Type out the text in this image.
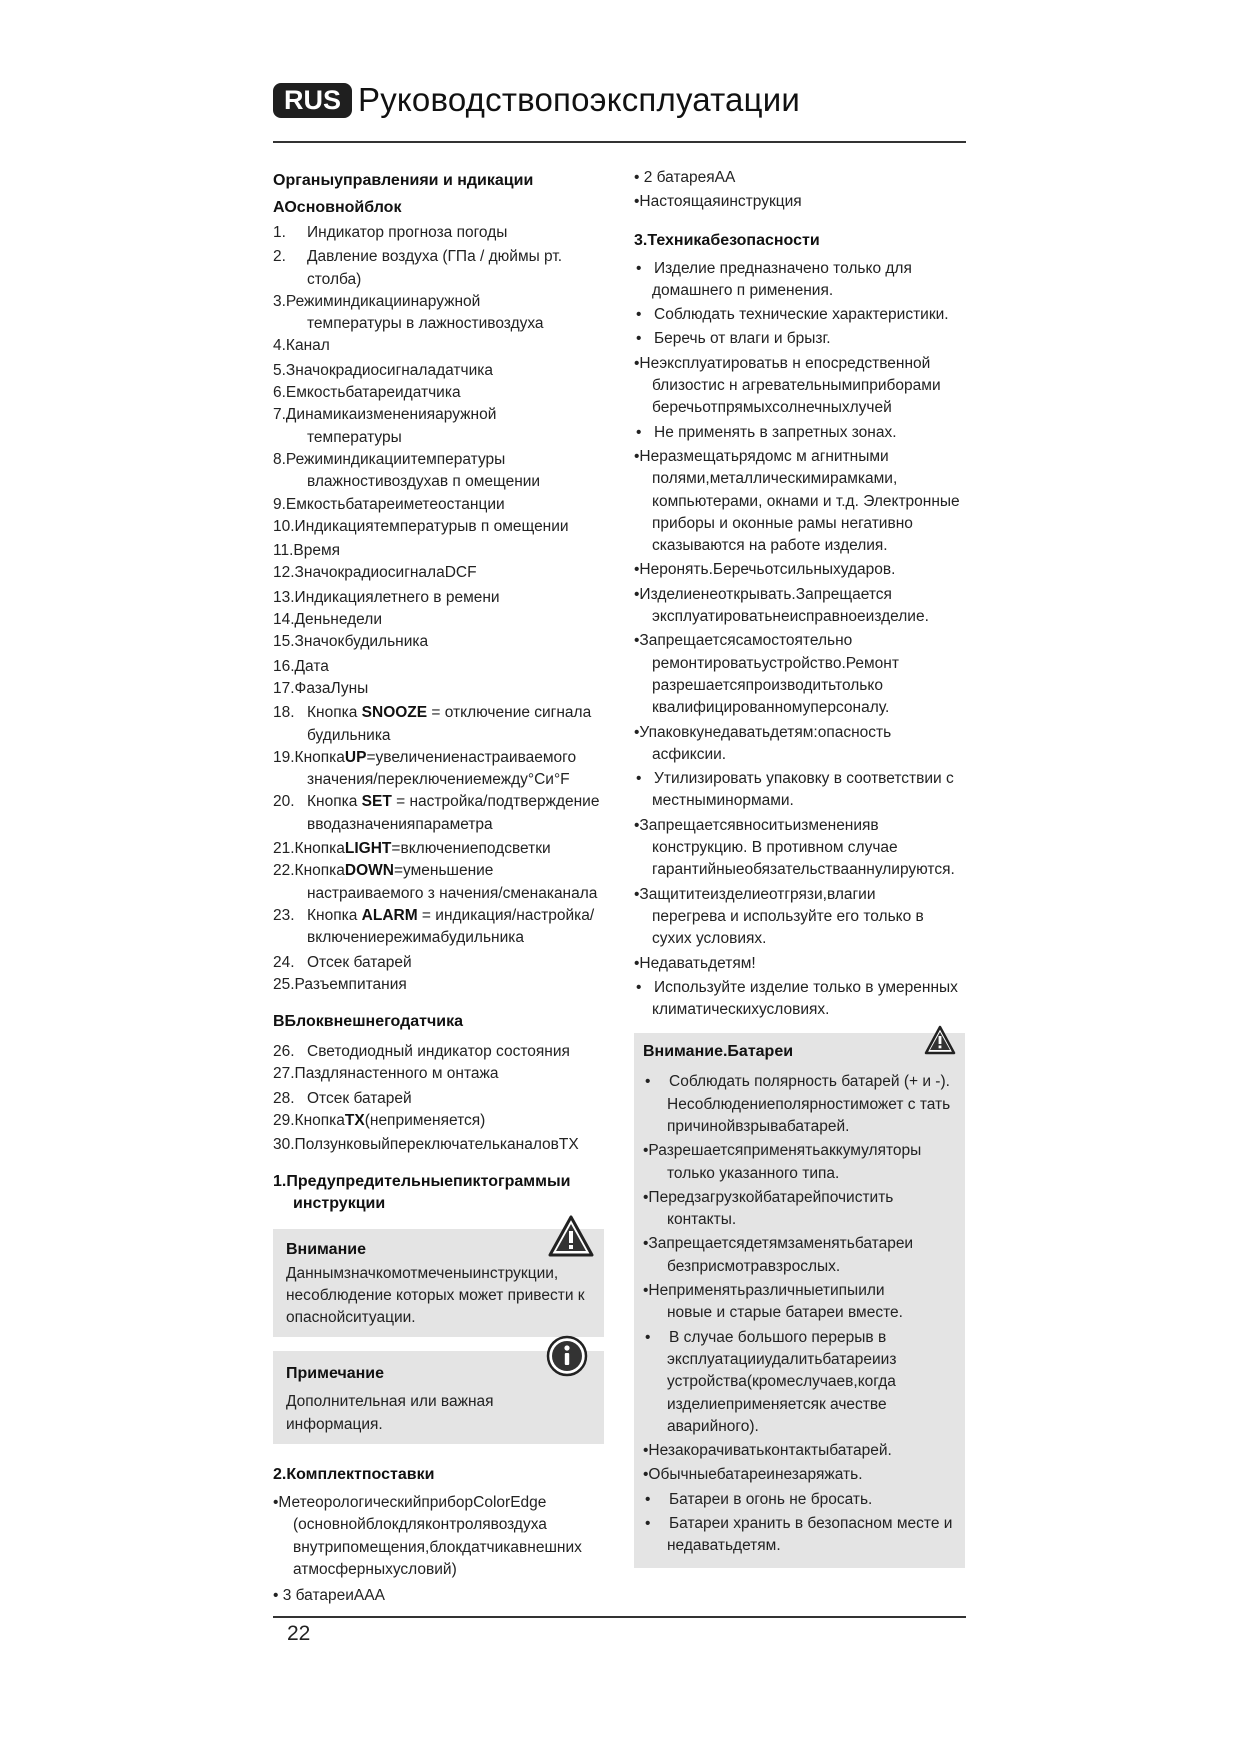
RUS Руководствопоэксплуатации
Органыуправленияи и ндикации
АОсновнойблок
1. Индикатор прогноза погоды
2. Давление воздуха (ГПа / дюймы рт. столба)
3.Режиминдикациинаружной
температуры в лажностивоздуха
4.Канал
5.Значокрадиосигналадатчика
6.Емкостьбатареидатчика
7.Динамикаизмененияаружной
температуры
8.Режиминдикациитемпературы
влажностивоздухав п омещении
9.Емкостьбатареиметеостанции
10.Индикациятемпературыв п омещении
11.Время
12.ЗначокрадиосигналаDCF
13.Индикациялетнего в ремени
14.Деньнедели
15.Значокбудильника
16.Дата
17.ФазаЛуны
18. Кнопка SNOOZE = отключение сигнала
будильника
19.КнопкаUP=увеличениенастраиваемого
значения/переключениемежду°Си°F
20. Кнопка SET = настройка/подтверждение
вводазначенияпараметра
21.КнопкаLIGHT=включениеподсветки
22.КнопкаDOWN=уменьшение
настраиваемого з начения/сменаканала
23. Кнопка ALARM = индикация/настройка/
включениережимабудильника
24. Отсек батарей
25.Разъемпитания
ВБлоквнешнегодатчика
26. Светодиодный индикатор состояния
27.Паздлянастенного м онтажа
28. Отсек батарей
29.КнопкаTX(неприменяется)
30.ПолзунковыйпереключательканаловTX
1.Предупредительныепиктограммыи
инструкции
Внимание
Даннымзначкомотмеченыинструкции, несоблюдение которых может привести к опаснойситуации.
Примечание
Дополнительная или важная информация.
2.Комплектпоставки
•МетеорологическийприборColorEdge
(основнойблокдляконтролявоздуха внутрипомещения,блокдатчикавнешних атмосферныхусловий)
• 3 батареиААА
• 2 батареяАА
•Настоящаяинструкция
3.Техникабезопасности
• Изделие предназначено только для
домашнего п рименения.
• Соблюдать технические характеристики.
• Беречь от влаги и брызг.
•Неэксплуатироватьв н епосредственной
близостис н агревательнымиприборами беречьотпрямыхсолнечныхлучей
• Не применять в запретных зонах.
•Неразмещатьрядомс м агнитными
полями,металлическимирамками, компьютерами, окнами и т.д. Электронные приборы и оконные рамы негативно сказываются на работе изделия.
•Неронять.Беречьотсильныхударов.
•Изделиенеоткрывать.Запрещается
эксплуатироватьнеисправноеизделие.
•Запрещаетсясамостоятельно
ремонтироватьустройство.Ремонт разрешаетсяпроизводитьтолько квалифицированномуперсоналу.
•Упаковкунедаватьдетям:опасность
асфиксии.
• Утилизировать упаковку в соответствии с
местныминормами.
•Запрещаетсявноситьизмененияв
конструкцию. В противном случае гарантийныеобязательствааннулируются.
•Защититеизделиеотгрязи,влагии
перегрева и используйте его только в сухих условиях.
•Недаватьдетям!
• Используйте изделие только в умеренных
климатическихусловиях.
Внимание.Батареи
• Соблюдать полярность батарей (+ и -).
Несоблюдениеполярностиможет с тать причинойвзрывабатарей.
•Разрешаетсяприменятьаккумуляторы
только указанного типа.
•Передзагрузкойбатарейпочистить
контакты.
•Запрещаетсядетямзаменятьбатареи
безприсмотравзрослых.
•Неприменятьразличныетипыили
новые и старые батареи вместе.
• В случае большого перерыв в
эксплуатацииудалитьбатареииз устройства(кромеслучаев,когда изделиеприменяетсяк ачестве аварийного).
•Незакорачиватьконтактыбатарей.
•Обычныебатареинезаряжать.
• Батареи в огонь не бросать.
• Батареи хранить в безопасном месте и
недаватьдетям.
22
